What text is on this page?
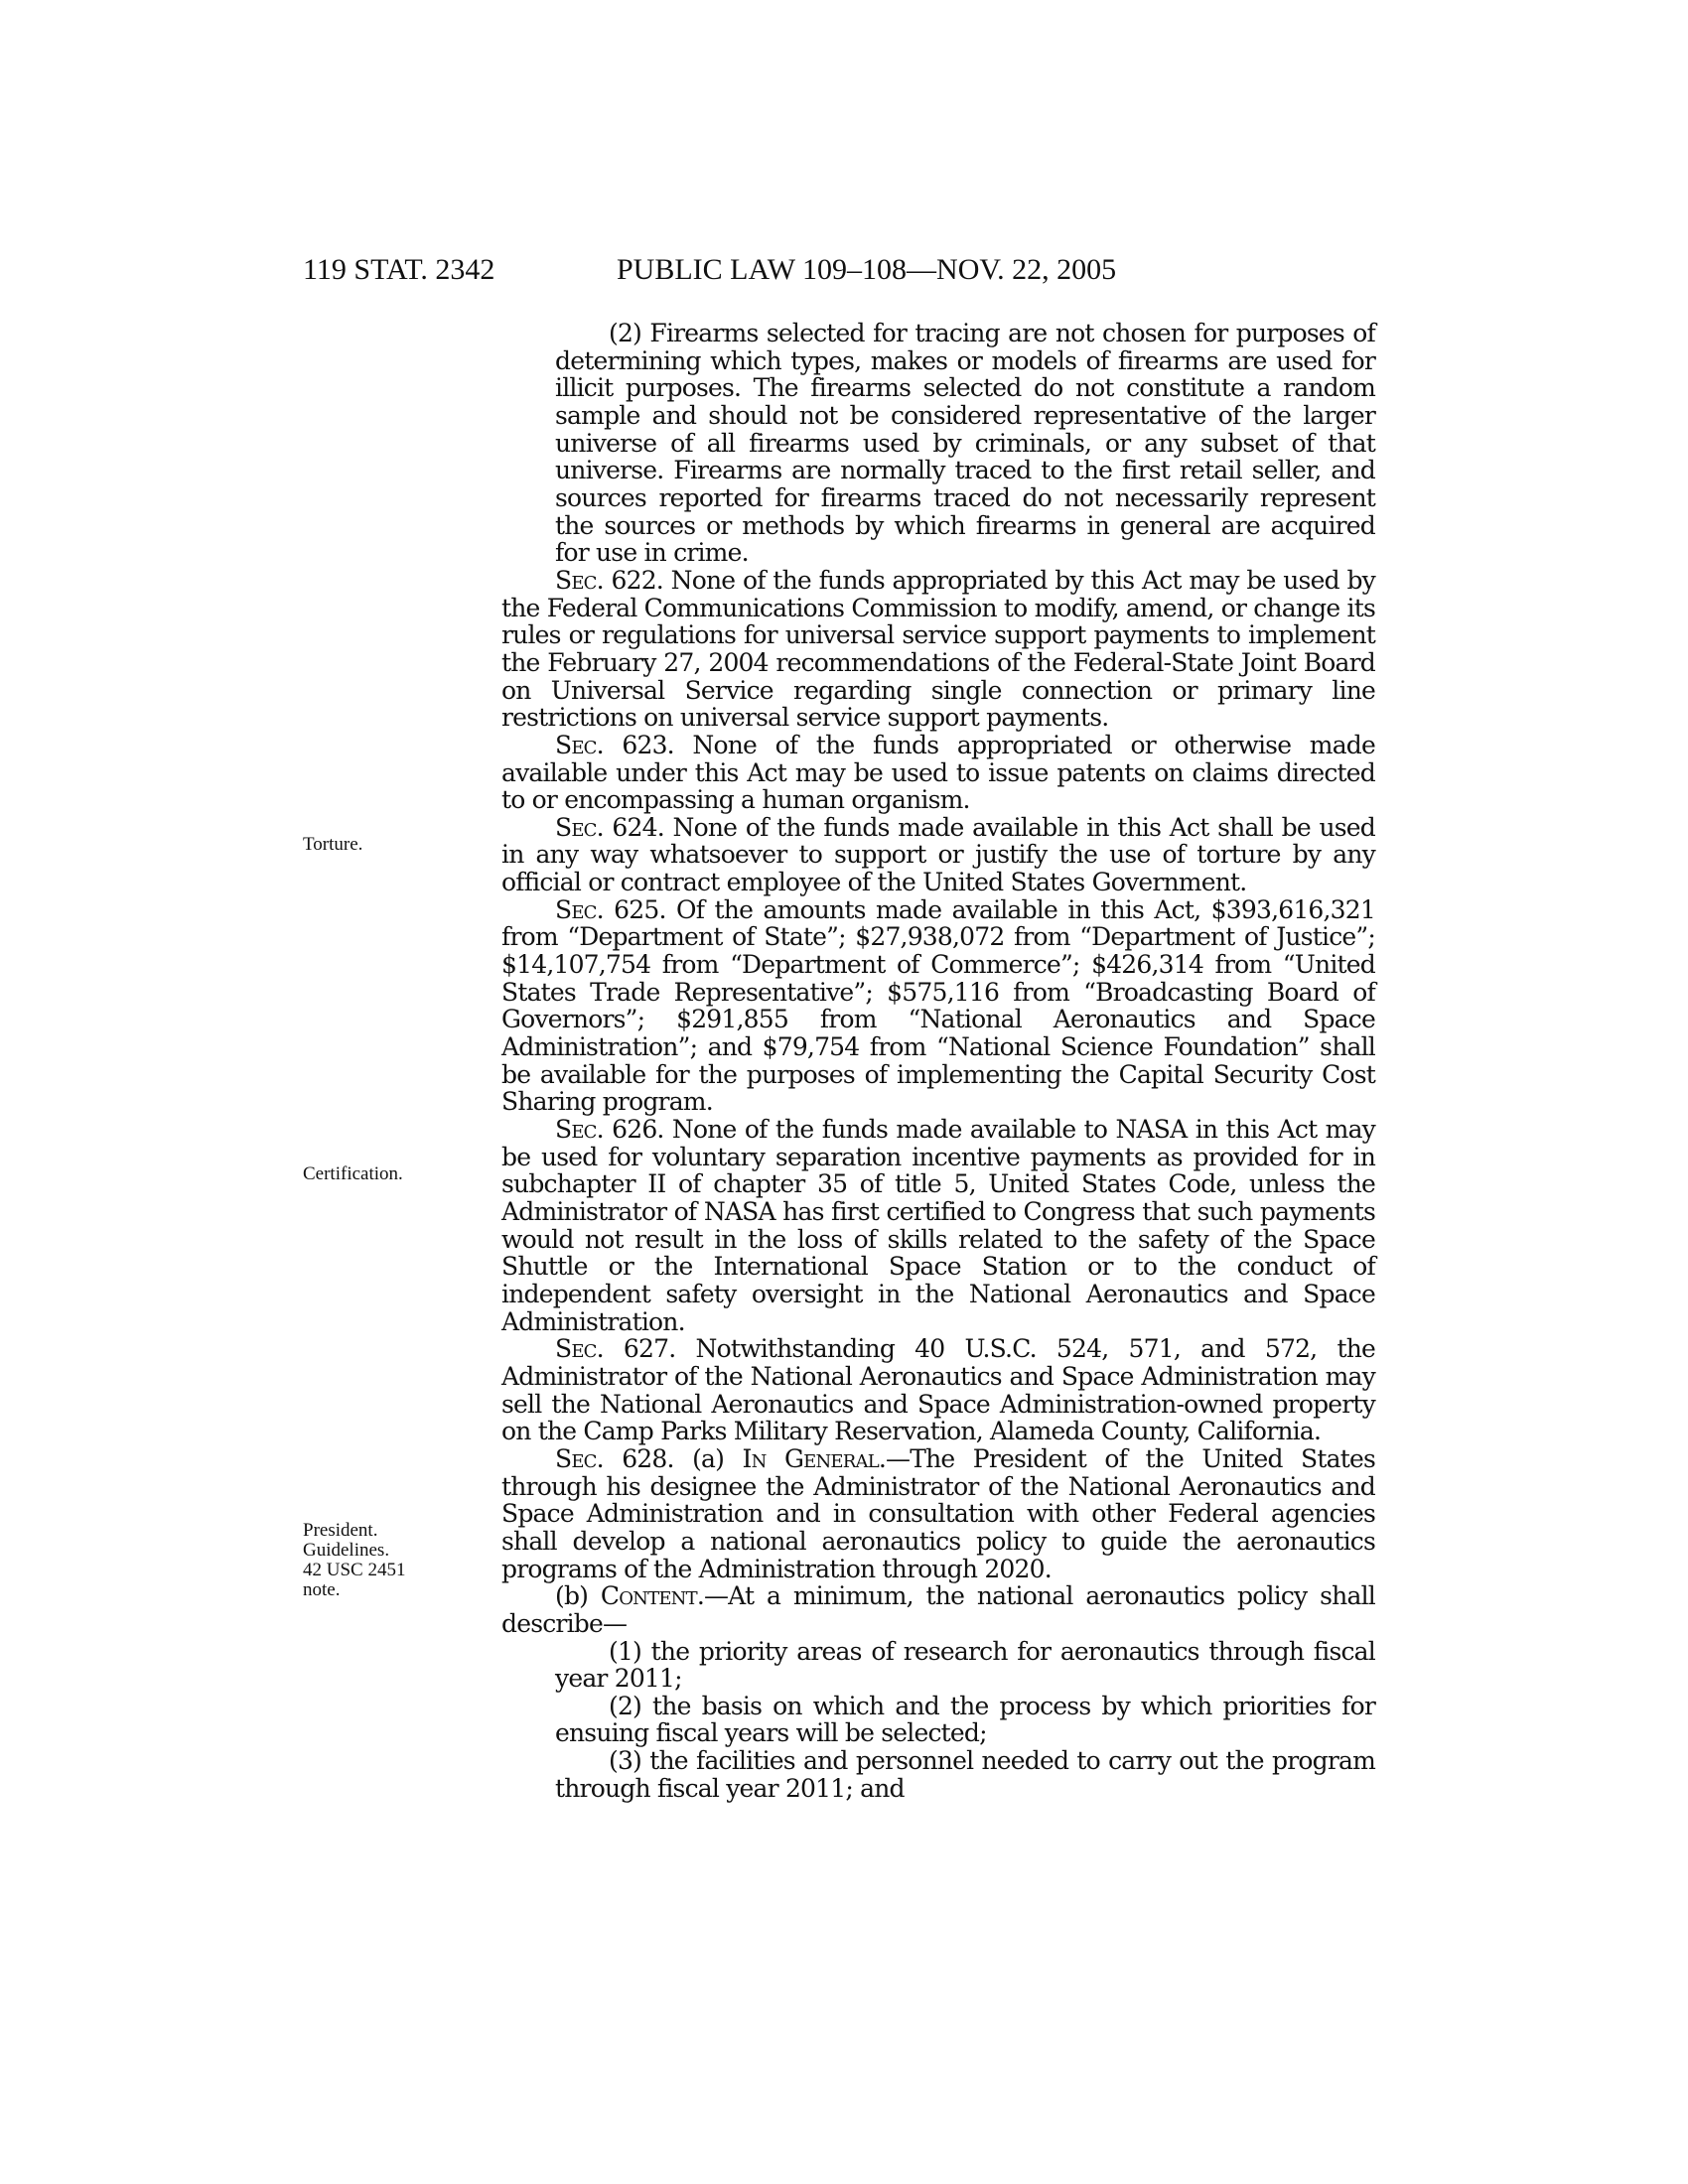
119 STAT. 2342	PUBLIC LAW 109–108—NOV. 22, 2005
Torture.
Certification.
President.
Guidelines.
42 USC 2451
note.

(2) Firearms selected for tracing are not chosen for purposes of determining which types, makes or models of firearms are used for illicit purposes. The firearms selected do not constitute a random sample and should not be considered representative of the larger universe of all firearms used by criminals, or any subset of that universe. Firearms are normally traced to the first retail seller, and sources reported for firearms traced do not necessarily represent the sources or methods by which firearms in general are acquired for use in crime.

Sec. 622. None of the funds appropriated by this Act may be used by the Federal Communications Commission to modify, amend, or change its rules or regulations for universal service support payments to implement the February 27, 2004 recommendations of the Federal-State Joint Board on Universal Service regarding single connection or primary line restrictions on universal service support payments.

Sec. 623. None of the funds appropriated or otherwise made available under this Act may be used to issue patents on claims directed to or encompassing a human organism.

Sec. 624. None of the funds made available in this Act shall be used in any way whatsoever to support or justify the use of torture by any official or contract employee of the United States Government.

Sec. 625. Of the amounts made available in this Act, $393,616,321 from “Department of State”; $27,938,072 from “Department of Justice”; $14,107,754 from “Department of Commerce”; $426,314 from “United States Trade Representative”; $575,116 from “Broadcasting Board of Governors”; $291,855 from “National Aeronautics and Space Administration”; and $79,754 from “National Science Foundation” shall be available for the purposes of implementing the Capital Security Cost Sharing program.

Sec. 626. None of the funds made available to NASA in this Act may be used for voluntary separation incentive payments as provided for in subchapter II of chapter 35 of title 5, United States Code, unless the Administrator of NASA has first certified to Congress that such payments would not result in the loss of skills related to the safety of the Space Shuttle or the International Space Station or to the conduct of independent safety oversight in the National Aeronautics and Space Administration.

Sec. 627. Notwithstanding 40 U.S.C. 524, 571, and 572, the Administrator of the National Aeronautics and Space Administration may sell the National Aeronautics and Space Administration-owned property on the Camp Parks Military Reservation, Alameda County, California.

Sec. 628. (a) In General.—The President of the United States through his designee the Administrator of the National Aeronautics and Space Administration and in consultation with other Federal agencies shall develop a national aeronautics policy to guide the aeronautics programs of the Administration through 2020.

(b) Content.—At a minimum, the national aeronautics policy shall describe—

(1) the priority areas of research for aeronautics through fiscal year 2011;

(2) the basis on which and the process by which priorities for ensuing fiscal years will be selected;

(3) the facilities and personnel needed to carry out the program through fiscal year 2011; and
